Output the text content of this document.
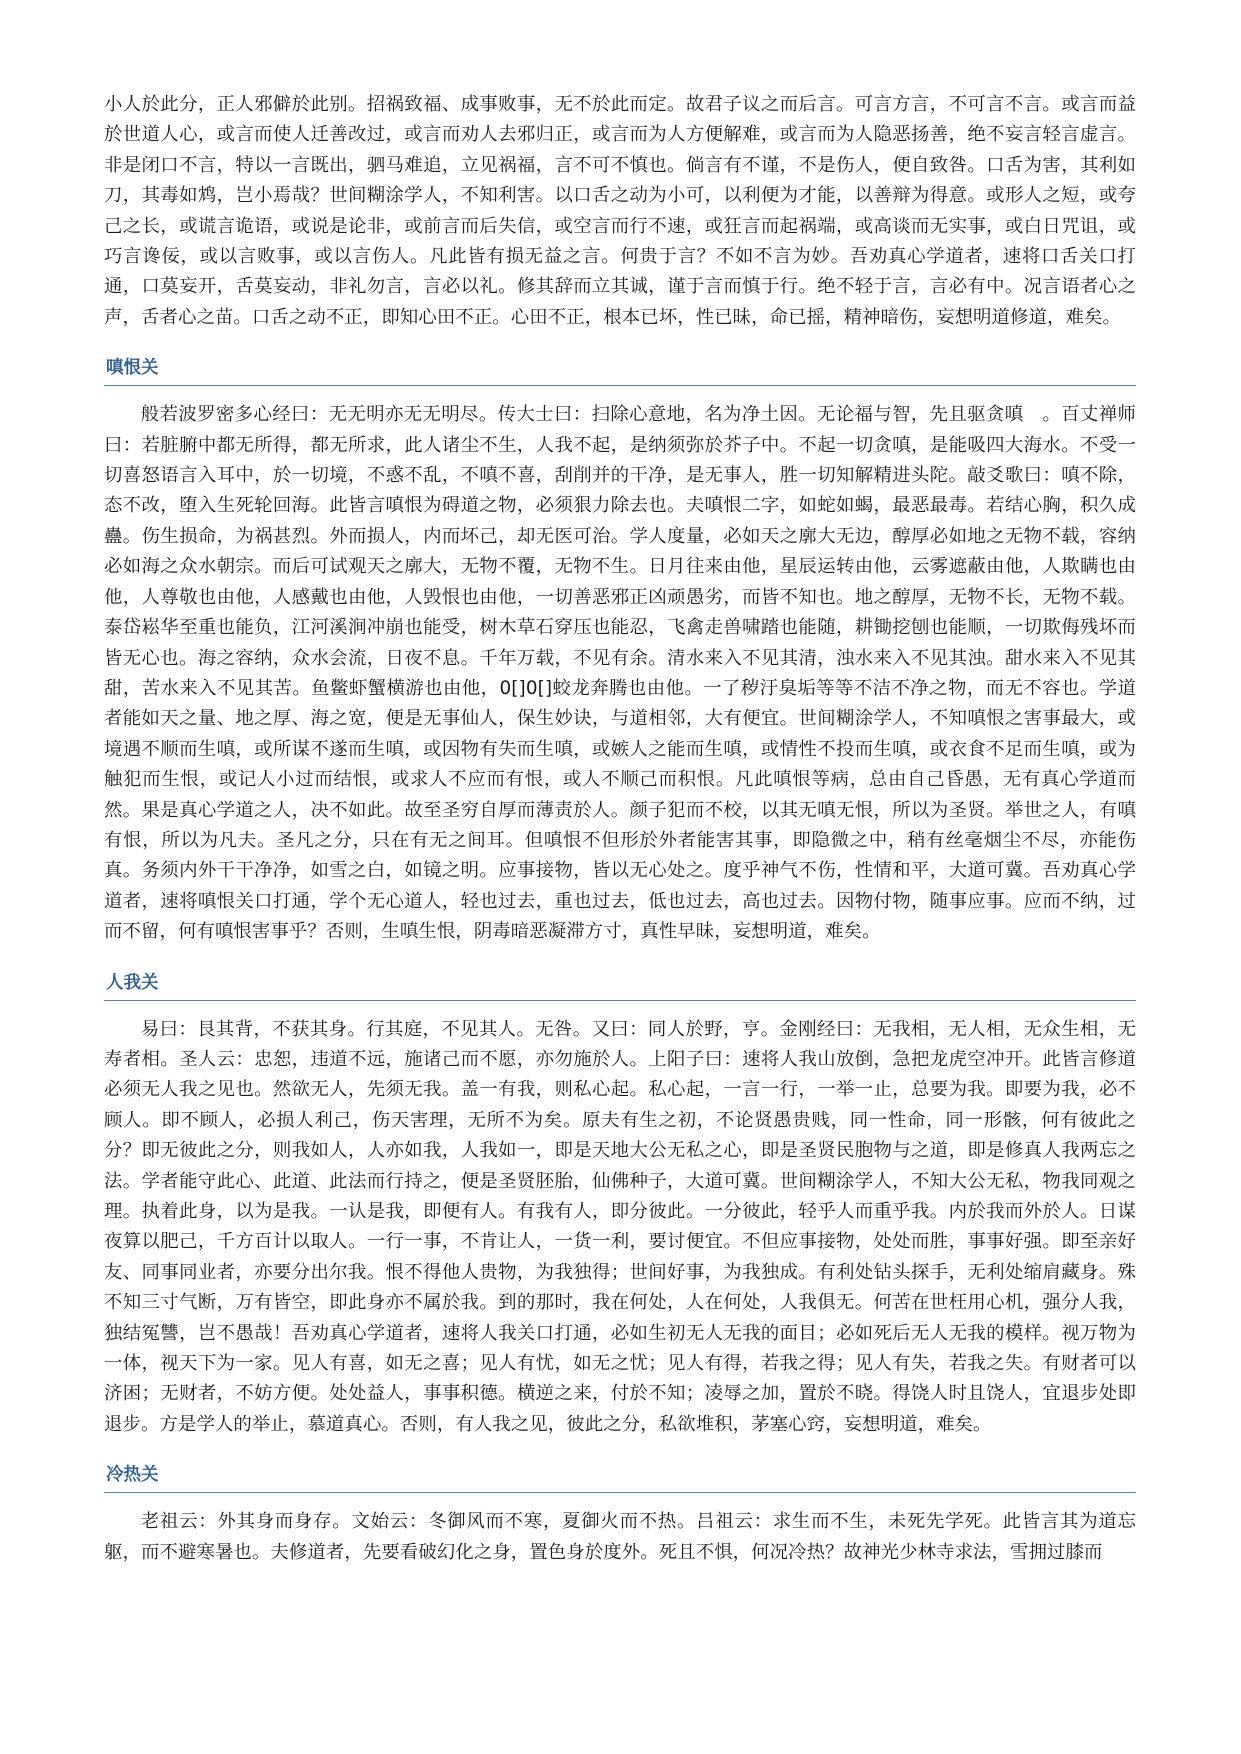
小人於此分，正人邪僻於此别。招祸致福、成事败事，无不於此而定。故君子议之而后言。可言方言，不可言不言。或言而益於世道人心，或言而使人迁善改过，或言而劝人去邪归正，或言而为人方便解难，或言而为人隐恶扬善，绝不妄言轻言虚言。非是闭口不言，特以一言既出，驷马难追，立见祸福，言不可不慎也。倘言有不谨，不是伤人，便自致咎。口舌为害，其利如刀，其毒如鸩，岂小焉哉？世间糊涂学人，不知利害。以口舌之动为小可，以利便为才能，以善辩为得意。或形人之短，或夸己之长，或谎言诡语，或说是论非，或前言而后失信，或空言而行不速，或狂言而起祸端，或高谈而无实事，或白日咒诅，或巧言谗佞，或以言败事，或以言伤人。凡此皆有损无益之言。何贵于言？不如不言为妙。吾劝真心学道者，速将口舌关口打通，口莫妄开，舌莫妄动，非礼勿言，言必以礼。修其辞而立其诚，谨于言而慎于行。绝不轻于言，言必有中。况言语者心之声，舌者心之苗。口舌之动不正，即知心田不正。心田不正，根本已坏，性已昧，命已摇，精神暗伤，妄想明道修道，难矣。

嗔恨关

般若波罗密多心经曰：无无明亦无无明尽。传大士曰：扫除心意地，名为净土因。无论福与智，先且驱贪嗔　。百丈禅师曰：若脏腑中都无所得，都无所求，此人诸尘不生，人我不起，是纳须弥於芥子中。不起一切贪嗔，是能吸四大海水。不受一切喜怒语言入耳中，於一切境，不惑不乱，不嗔不喜，刮削并的干净，是无事人，胜一切知解精进头陀。敲爻歌曰：嗔不除，态不改，堕入生死轮回海。此皆言嗔恨为碍道之物，必须狠力除去也。夫嗔恨二字，如蛇如蝎，最恶最毒。若结心胸，积久成蠱。伤生损命，为祸甚烈。外而损人，内而坏己，却无医可治。学人度量，必如天之廓大无边，醇厚必如地之无物不载，容纳必如海之众水朝宗。而后可试观天之廓大，无物不覆，无物不生。日月往来由他，星辰运转由他，云雾遮蔽由他，人欺瞒也由他，人尊敬也由他，人感戴也由他，人毁恨也由他，一切善恶邪正凶顽愚劣，而皆不知也。地之醇厚，无物不长，无物不载。泰岱崧华至重也能负，江河溪涧冲崩也能受，树木草石穿压也能忍，飞禽走兽啸踏也能随，耕锄挖刨也能顺，一切欺侮残坏而皆无心也。海之容纳，众水会流，日夜不息。千年万载，不见有余。清水来入不见其清，浊水来入不见其浊。甜水来入不见其甜，苦水来入不见其苦。鱼鳖虾蟹横游也由他，0[]0[]蛟龙奔腾也由他。一了秽汙臭垢等等不洁不净之物，而无不容也。学道者能如天之量、地之厚、海之宽，便是无事仙人，保生妙诀，与道相邻，大有便宜。世间糊涂学人，不知嗔恨之害事最大，或境遇不顺而生嗔，或所谋不遂而生嗔，或因物有失而生嗔，或嫉人之能而生嗔，或情性不投而生嗔，或衣食不足而生嗔，或为触犯而生恨，或记人小过而结恨，或求人不应而有恨，或人不顺己而积恨。凡此嗔恨等病，总由自己昏愚，无有真心学道而然。果是真心学道之人，决不如此。故至圣穷自厚而薄责於人。颜子犯而不校，以其无嗔无恨，所以为圣贤。举世之人，有嗔有恨，所以为凡夫。圣凡之分，只在有无之间耳。但嗔恨不但形於外者能害其事，即隐微之中，稍有丝毫烟尘不尽，亦能伤真。务须内外干干净净，如雪之白，如镜之明。应事接物，皆以无心处之。度乎神气不伤，性情和平，大道可冀。吾劝真心学道者，速将嗔恨关口打通，学个无心道人，轻也过去，重也过去，低也过去，高也过去。因物付物，随事应事。应而不纳，过而不留，何有嗔恨害事乎？否则，生嗔生恨，阴毒暗恶凝滞方寸，真性早昧，妄想明道，难矣。

人我关

易曰：艮其背，不获其身。行其庭，不见其人。无咎。又曰：同人於野，亨。金刚经曰：无我相，无人相，无众生相，无寿者相。圣人云：忠恕，违道不远，施诸己而不愿，亦勿施於人。上阳子曰：速将人我山放倒，急把龙虎空冲开。此皆言修道必须无人我之见也。然欲无人，先须无我。盖一有我，则私心起。私心起，一言一行，一举一止，总要为我。即要为我，必不顾人。即不顾人，必损人利己，伤天害理，无所不为矣。原夫有生之初，不论贤愚贵贱，同一性命，同一形骸，何有彼此之分？即无彼此之分，则我如人，人亦如我，人我如一，即是天地大公无私之心，即是圣贤民胞物与之道，即是修真人我两忘之法。学者能守此心、此道、此法而行持之，便是圣贤胚胎，仙佛种子，大道可冀。世间糊涂学人，不知大公无私，物我同观之理。执着此身，以为是我。一认是我，即便有人。有我有人，即分彼此。一分彼此，轻乎人而重乎我。内於我而外於人。日谋夜算以肥己，千方百计以取人。一行一事，不肯让人，一货一利，要讨便宜。不但应事接物，处处而胜，事事好强。即至亲好友、同事同业者，亦要分出尔我。恨不得他人贵物，为我独得；世间好事，为我独成。有利处钻头探手，无利处缩肩藏身。殊不知三寸气断，万有皆空，即此身亦不属於我。到的那时，我在何处，人在何处，人我俱无。何苦在世枉用心机，强分人我，独结冤讐，岂不愚哉！吾劝真心学道者，速将人我关口打通，必如生初无人无我的面目；必如死后无人无我的模样。视万物为一体，视天下为一家。见人有喜，如无之喜；见人有忧，如无之忧；见人有得，若我之得；见人有失，若我之失。有财者可以济困；无财者，不妨方便。处处益人，事事积德。横逆之来，付於不知；凌辱之加，置於不晓。得饶人时且饶人，宜退步处即退步。方是学人的举止，慕道真心。否则，有人我之见，彼此之分，私欲堆积，茅塞心窍，妄想明道，难矣。

冷热关

老祖云：外其身而身存。文始云：冬御风而不寒，夏御火而不热。吕祖云：求生而不生，未死先学死。此皆言其为道忘躯，而不避寒暑也。夫修道者，先要看破幻化之身，置色身於度外。死且不惧，何况冷热？故神光少林寺求法，雪拥过膝而
